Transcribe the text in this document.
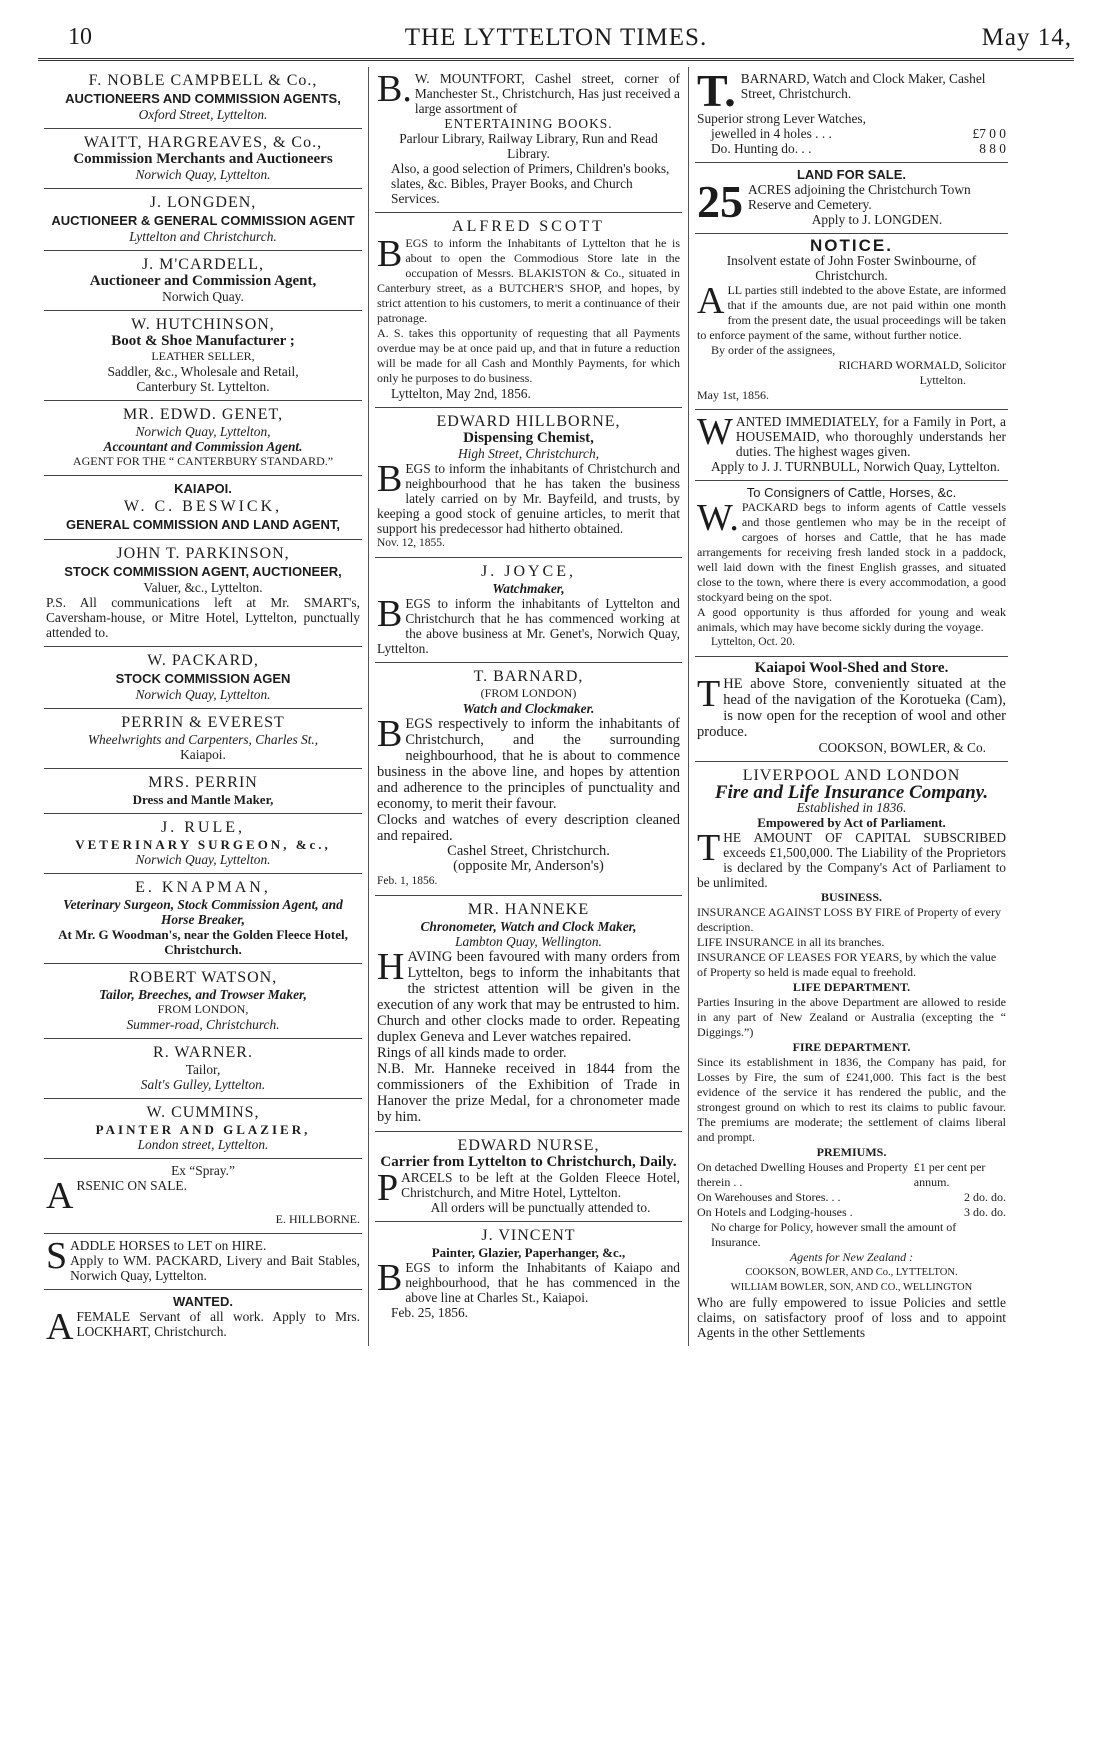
10	THE LYTTELTON TIMES.	May 14,
F. NOBLE CAMPBELL & Co.,
AUCTIONEERS AND COMMISSION AGENTS,
Oxford Street, Lyttelton.
WAITT, HARGREAVES, & Co.,
Commission Merchants and Auctioneers
Norwich Quay, Lyttelton.
J. LONGDEN,
AUCTIONEER & GENERAL COMMISSION AGENT
Lyttelton and Christchurch.
J. M'CARDELL,
Auctioneer and Commission Agent,
Norwich Quay.
W. HUTCHINSON,
Boot & Shoe Manufacturer ;
LEATHER SELLER,
Saddler, &c., Wholesale and Retail,
Canterbury St. Lyttelton.
MR. EDWD. GENET,
Norwich Quay, Lyttelton,
Accountant and Commission Agent.
AGENT FOR THE “ CANTERBURY STANDARD.”
KAIAPOI.
W. C. BESWICK,
GENERAL COMMISSION AND LAND AGENT,
JOHN T. PARKINSON,
STOCK COMMISSION AGENT, AUCTIONEER,
Valuer, &c., Lyttelton.
P.S. All communications left at Mr. SMART's, Caversham-house, or Mitre Hotel, Lyttelton, punctually attended to.
W. PACKARD,
STOCK COMMISSION AGEN
Norwich Quay, Lyttelton.
PERRIN & EVEREST
Wheelwrights and Carpenters, Charles St.,
Kaiapoi.
MRS. PERRIN
Dress and Mantle Maker,
J. RULE,
VETERINARY SURGEON, &c.,
Norwich Quay, Lyttelton.
E. KNAPMAN,
Veterinary Surgeon, Stock Commission Agent, and Horse Breaker,
At Mr. G Woodman's, near the Golden Fleece Hotel, Christchurch.
ROBERT WATSON,
Tailor, Breeches, and Trowser Maker,
FROM LONDON,
Summer-road, Christchurch.
R. WARNER.
Tailor,
Salt's Gulley, Lyttelton.
W. CUMMINS,
PAINTER AND GLAZIER,
London street, Lyttelton.
Ex “Spray.”
ARSENIC ON SALE.
E. HILLBORNE.
S ADDLE HORSES to LET on HIRE.
Apply to WM. PACKARD, Livery and Bait Stables, Norwich Quay, Lyttelton.
WANTED.
A FEMALE Servant of all work. Apply to Mrs. LOCKHART, Christchurch.
B. W. MOUNTFORT, Cashel street, corner of Manchester St., Christchurch, Has just received a large assortment of
ENTERTAINING BOOKS.
Parlour Library, Railway Library, Run and Read Library.
Also, a good selection of Primers, Children's books, slates, &c. Bibles, Prayer Books, and Church Services.
ALFRED SCOTT
BEGS to inform the Inhabitants of Lyttelton that he is about to open the Commodious Store late in the occupation of Messrs. BLAKISTON & Co., situated in Canterbury street, as a BUTCHER'S SHOP, and hopes, by strict attention to his customers, to merit a continuance of their patronage.
A. S. takes this opportunity of requesting that all Payments overdue may be at once paid up, and that in future a reduction will be made for all Cash and Monthly Payments, for which only he purposes to do business.
Lyttelton, May 2nd, 1856.
EDWARD HILLBORNE,
Dispensing Chemist,
High Street, Christchurch,
BEGS to inform the inhabitants of Christchurch and neighbourhood that he has taken the business lately carried on by Mr. Bayfeild, and trusts, by keeping a good stock of genuine articles, to merit that support his predecessor had hitherto obtained.
Nov. 12, 1855.
J. JOYCE,
Watchmaker,
BEGS to inform the inhabitants of Lyttelton and Christchurch that he has commenced working at the above business at Mr. Genet's, Norwich Quay, Lyttelton.
T. BARNARD,
(FROM LONDON)
Watch and Clockmaker.
BEGS respectively to inform the inhabitants of Christchurch, and the surrounding neighbourhood, that he is about to commence business in the above line, and hopes by attention and adherence to the principles of punctuality and economy, to merit their favour.
Clocks and watches of every description cleaned and repaired.
Cashel Street, Christchurch.
(opposite Mr, Anderson's)
Feb. 1, 1856.
MR. HANNEKE
Chronometer, Watch and Clock Maker,
Lambton Quay, Wellington.
HAVING been favoured with many orders from Lyttelton, begs to inform the inhabitants that the strictest attention will be given in the execution of any work that may be entrusted to him.
Church and other clocks made to order. Repeating duplex Geneva and Lever watches repaired.
Rings of all kinds made to order.
N.B. Mr. Hanneke received in 1844 from the commissioners of the Exhibition of Trade in Hanover the prize Medal, for a chronometer made by him.
EDWARD NURSE,
Carrier from Lyttelton to Christchurch, Daily.
PARCELS to be left at the Golden Fleece Hotel, Christchurch, and Mitre Hotel, Lyttelton.
All orders will be punctually attended to.
J. VINCENT
Painter, Glazier, Paperhanger, &c.,
BEGS to inform the Inhabitants of Kaiapo and neighbourhood, that he has commenced in the above line at Charles St., Kaiapoi.
Feb. 25, 1856.
T. BARNARD, Watch and Clock Maker, Cashel Street, Christchurch.
Superior strong Lever Watches,
jewelled in 4 holes . . .	£7 0 0
Do. Hunting do. . .	8 8 0
LAND FOR SALE.
25 ACRES adjoining the Christchurch Town Reserve and Cemetery.
Apply to J. LONGDEN.
NOTICE.
Insolvent estate of John Foster Swinbourne, of Christchurch.
ALL parties still indebted to the above Estate, are informed that if the amounts due, are not paid within one month from the present date, the usual proceedings will be taken to enforce payment of the same, without further notice.
By order of the assignees,
RICHARD WORMALD, Solicitor
Lyttelton.
May 1st, 1856.
WANTED IMMEDIATELY, for a Family in Port, a HOUSEMAID, who thoroughly understands her duties. The highest wages given.
Apply to J. J. TURNBULL, Norwich Quay, Lyttelton.
To Consigners of Cattle, Horses, &c.
W. PACKARD begs to inform agents of Cattle vessels and those gentlemen who may be in the receipt of cargoes of horses and Cattle, that he has made arrangements for receiving fresh landed stock in a paddock, well laid down with the finest English grasses, and situated close to the town, where there is every accommodation, a good stockyard being on the spot.
A good opportunity is thus afforded for young and weak animals, which may have become sickly during the voyage.
Lyttelton, Oct. 20.
Kaiapoi Wool-Shed and Store.
THE above Store, conveniently situated at the head of the navigation of the Korotueka (Cam), is now open for the reception of wool and other produce.
COOKSON, BOWLER, & Co.
LIVERPOOL AND LONDON
Fire and Life Insurance Company.
Established in 1836.
Empowered by Act of Parliament.
THE AMOUNT OF CAPITAL SUBSCRIBED exceeds £1,500,000. The Liability of the Proprietors is declared by the Company's Act of Parliament to be unlimited.
BUSINESS.
INSURANCE AGAINST LOSS BY FIRE of Property of every description.
LIFE INSURANCE in all its branches.
INSURANCE OF LEASES FOR YEARS, by which the value of Property so held is made equal to freehold.
LIFE DEPARTMENT.
Parties Insuring in the above Department are allowed to reside in any part of New Zealand or Australia (excepting the “ Diggings.”)
FIRE DEPARTMENT.
Since its establishment in 1836, the Company has paid, for Losses by Fire, the sum of £241,000. This fact is the best evidence of the service it has rendered the public, and the strongest ground on which to rest its claims to public favour. The premiums are moderate; the settlement of claims liberal and prompt.
PREMIUMS.
On detached Dwelling Houses and Property therein . .
£1 per cent per annum.
On Warehouses and Stores. . .	2 do. do.
On Hotels and Lodging-houses .	3 do. do.
No charge for Policy, however small the amount of Insurance.
Agents for New Zealand :
COOKSON, BOWLER, AND Co., LYTTELTON.
WILLIAM BOWLER, SON, AND CO., WELLINGTON
Who are fully empowered to issue Policies and settle claims, on satisfactory proof of loss and to appoint Agents in the other Settlements
